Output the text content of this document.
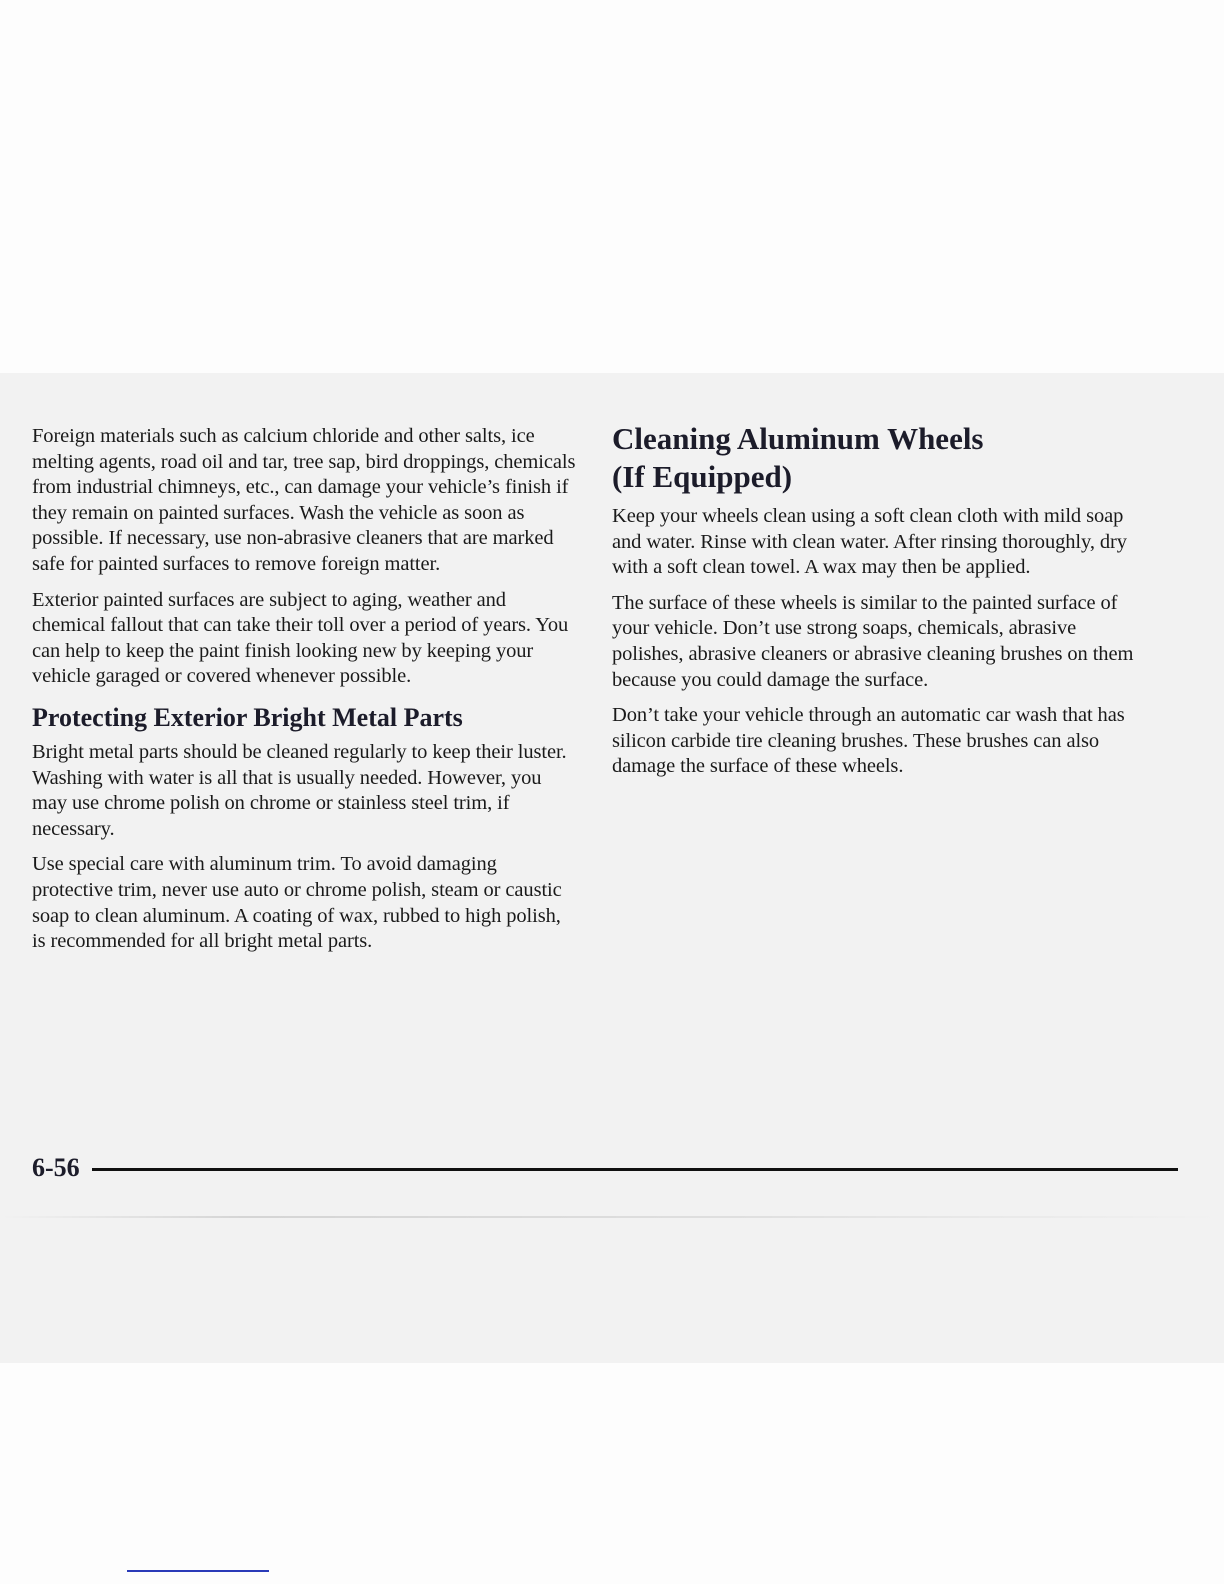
Foreign materials such as calcium chloride and other salts, ice melting agents, road oil and tar, tree sap, bird droppings, chemicals from industrial chimneys, etc., can damage your vehicle’s finish if they remain on painted surfaces. Wash the vehicle as soon as possible. If necessary, use non-abrasive cleaners that are marked safe for painted surfaces to remove foreign matter.

Exterior painted surfaces are subject to aging, weather and chemical fallout that can take their toll over a period of years. You can help to keep the paint finish looking new by keeping your vehicle garaged or covered whenever possible.

Protecting Exterior Bright Metal Parts

Bright metal parts should be cleaned regularly to keep their luster. Washing with water is all that is usually needed. However, you may use chrome polish on chrome or stainless steel trim, if necessary.

Use special care with aluminum trim. To avoid damaging protective trim, never use auto or chrome polish, steam or caustic soap to clean aluminum. A coating of wax, rubbed to high polish, is recommended for all bright metal parts.

Cleaning Aluminum Wheels
(If Equipped)

Keep your wheels clean using a soft clean cloth with mild soap and water. Rinse with clean water. After rinsing thoroughly, dry with a soft clean towel. A wax may then be applied.

The surface of these wheels is similar to the painted surface of your vehicle. Don’t use strong soaps, chemicals, abrasive polishes, abrasive cleaners or abrasive cleaning brushes on them because you could damage the surface.

Don’t take your vehicle through an automatic car wash that has silicon carbide tire cleaning brushes. These brushes can also damage the surface of these wheels.

6-56
